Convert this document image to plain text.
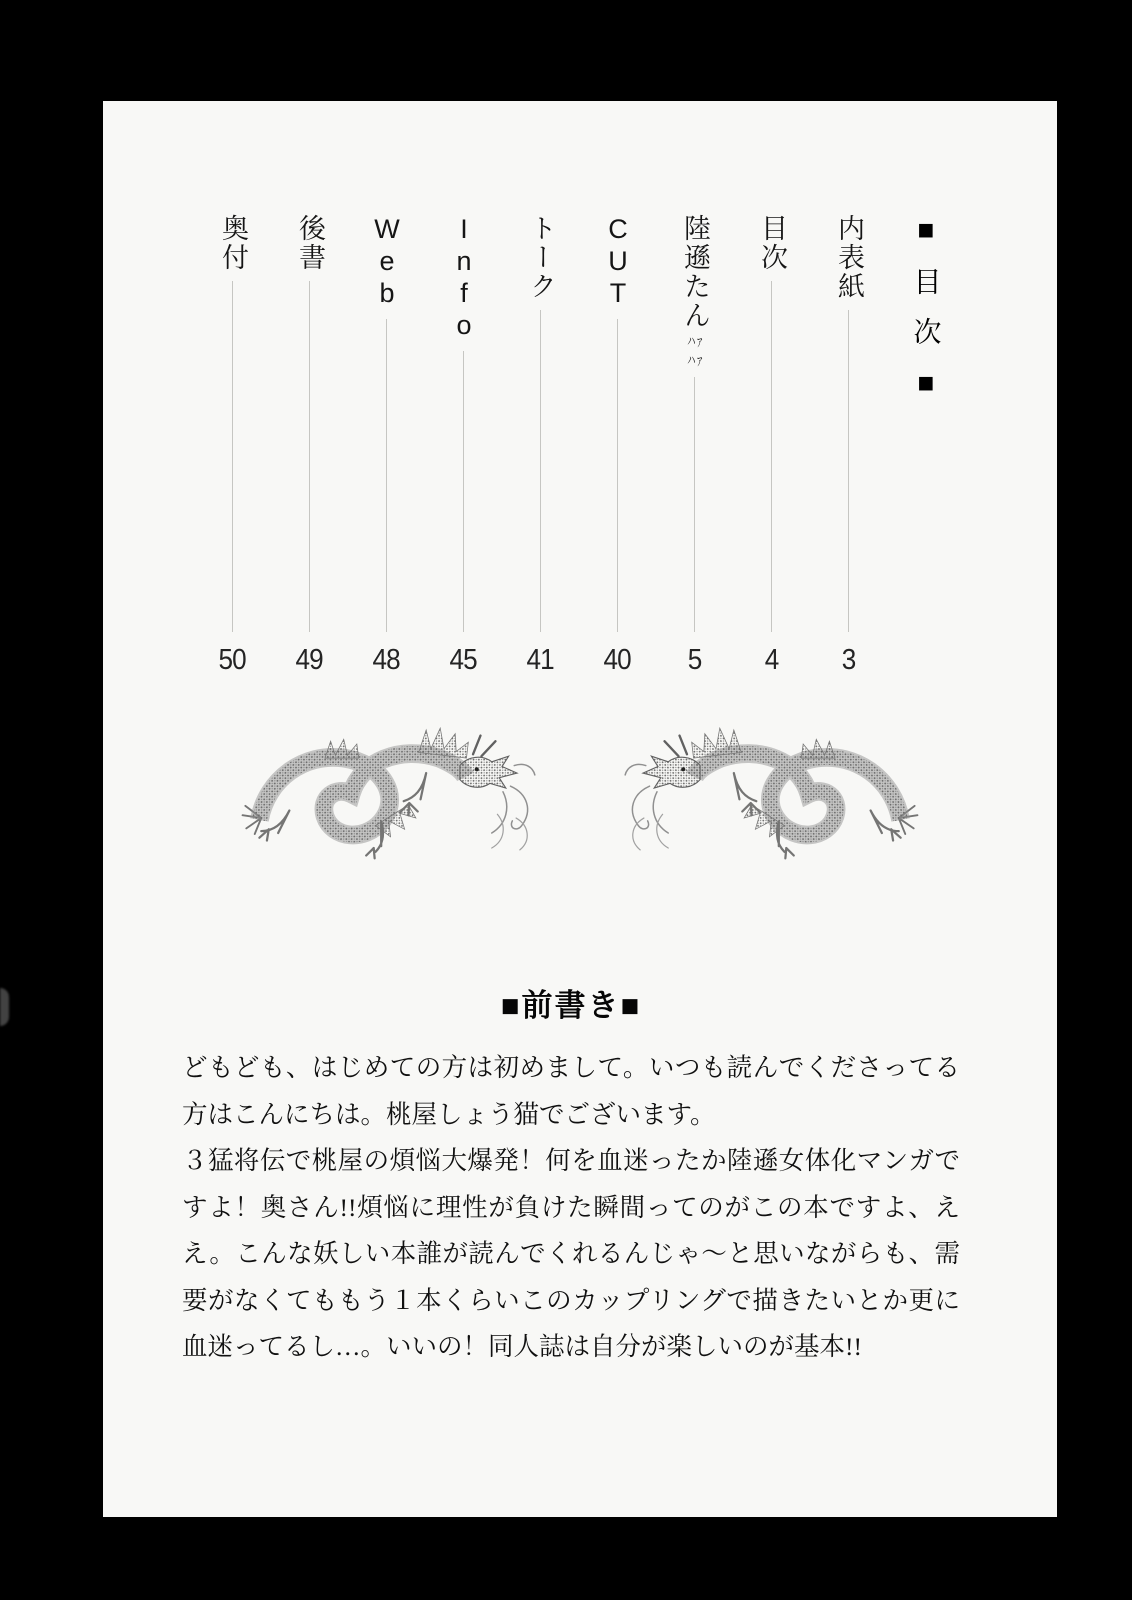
■目次■
内表紙
3
目次
4
陸遜たんハァハァ
5
CUT
40
トーク
41
Info
45
Web
48
後書
49
奥付
50
■前書き■
どもども、はじめての方は初めまして。いつも読んでくださってる
方はこんにちは。桃屋しょう猫でございます。
３猛将伝で桃屋の煩悩大爆発！何を血迷ったか陸遜女体化マンガで
すよ！奥さん!!煩悩に理性が負けた瞬間ってのがこの本ですよ、え
え。こんな妖しい本誰が読んでくれるんじゃ～と思いながらも、需
要がなくてももう１本くらいこのカップリングで描きたいとか更に
血迷ってるし…。いいの！同人誌は自分が楽しいのが基本!!
